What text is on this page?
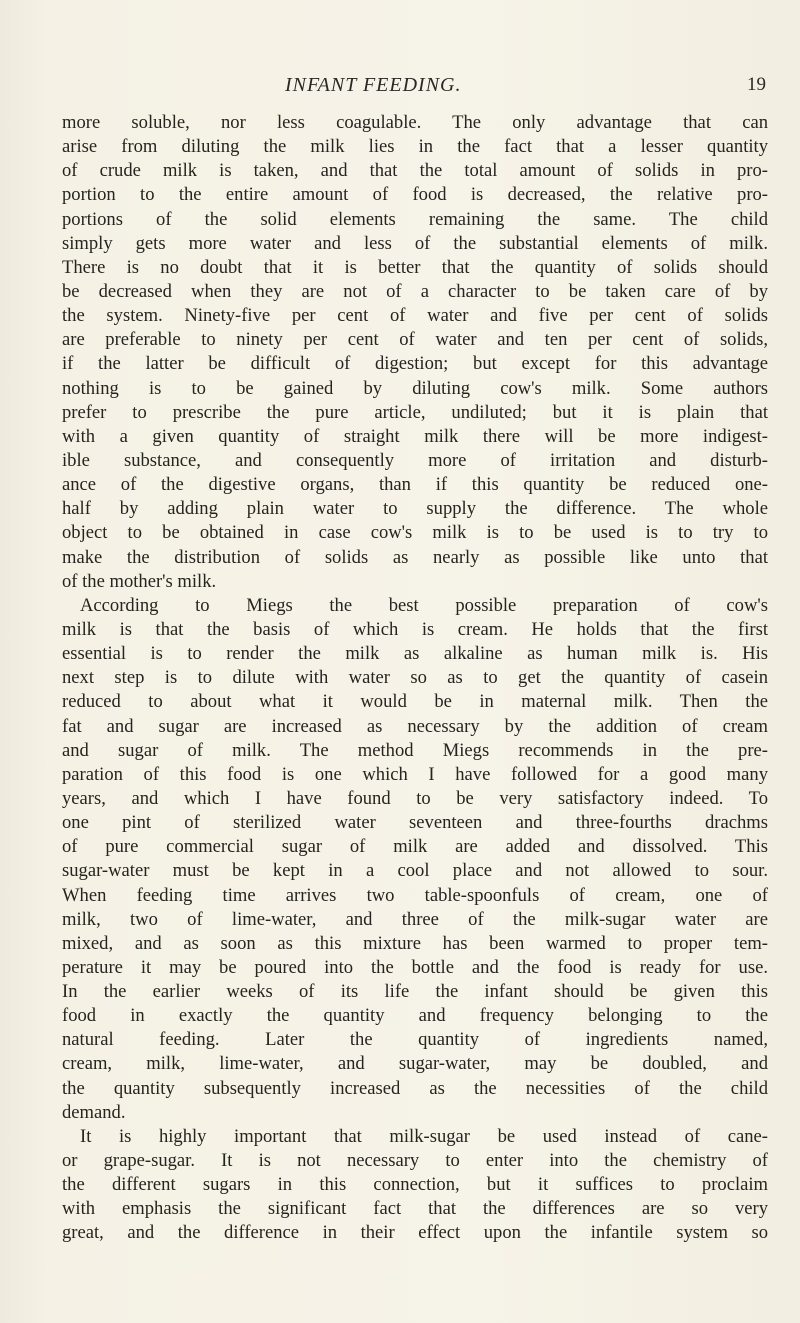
INFANT FEEDING.	19
more soluble, nor less coagulable. The only advantage that can
arise from diluting the milk lies in the fact that a lesser quantity
of crude milk is taken, and that the total amount of solids in pro-
portion to the entire amount of food is decreased, the relative pro-
portions of the solid elements remaining the same. The child
simply gets more water and less of the substantial elements of milk.
There is no doubt that it is better that the quantity of solids should
be decreased when they are not of a character to be taken care of by
the system. Ninety-five per cent of water and five per cent of solids
are preferable to ninety per cent of water and ten per cent of solids,
if the latter be difficult of digestion; but except for this advantage
nothing is to be gained by diluting cow's milk. Some authors
prefer to prescribe the pure article, undiluted; but it is plain that
with a given quantity of straight milk there will be more indigest-
ible substance, and consequently more of irritation and disturb-
ance of the digestive organs, than if this quantity be reduced one-
half by adding plain water to supply the difference. The whole
object to be obtained in case cow's milk is to be used is to try to
make the distribution of solids as nearly as possible like unto that
of the mother's milk.
According to Miegs the best possible preparation of cow's
milk is that the basis of which is cream. He holds that the first
essential is to render the milk as alkaline as human milk is. His
next step is to dilute with water so as to get the quantity of casein
reduced to about what it would be in maternal milk. Then the
fat and sugar are increased as necessary by the addition of cream
and sugar of milk. The method Miegs recommends in the pre-
paration of this food is one which I have followed for a good many
years, and which I have found to be very satisfactory indeed. To
one pint of sterilized water seventeen and three-fourths drachms
of pure commercial sugar of milk are added and dissolved. This
sugar-water must be kept in a cool place and not allowed to sour.
When feeding time arrives two table-spoonfuls of cream, one of
milk, two of lime-water, and three of the milk-sugar water are
mixed, and as soon as this mixture has been warmed to proper tem-
perature it may be poured into the bottle and the food is ready for use.
In the earlier weeks of its life the infant should be given this
food in exactly the quantity and frequency belonging to the
natural feeding. Later the quantity of ingredients named,
cream, milk, lime-water, and sugar-water, may be doubled, and
the quantity subsequently increased as the necessities of the child
demand.
It is highly important that milk-sugar be used instead of cane-
or grape-sugar. It is not necessary to enter into the chemistry of
the different sugars in this connection, but it suffices to proclaim
with emphasis the significant fact that the differences are so very
great, and the difference in their effect upon the infantile system so
